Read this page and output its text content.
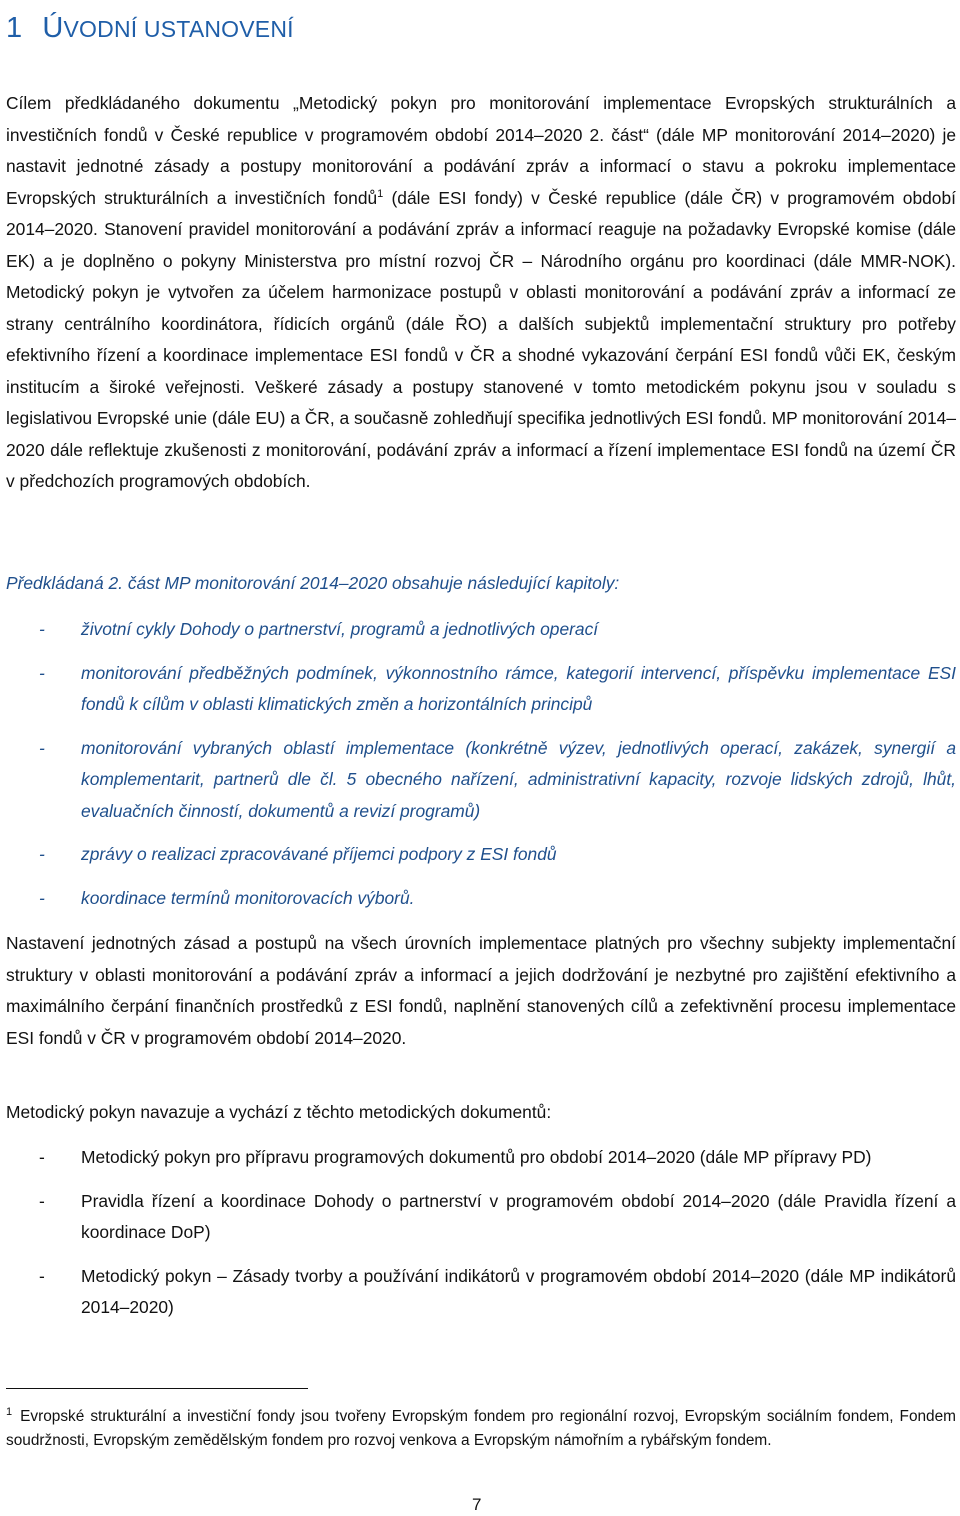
1 ÚVODNÍ USTANOVENÍ

Cílem předkládaného dokumentu „Metodický pokyn pro monitorování implementace Evropských strukturálních a investičních fondů v České republice v programovém období 2014–2020 2. část“ (dále MP monitorování 2014–2020) je nastavit jednotné zásady a postupy monitorování a podávání zpráv a informací o stavu a pokroku implementace Evropských strukturálních a investičních fondů$^1$ (dále ESI fondy) v České republice (dále ČR) v programovém období 2014–2020. Stanovení pravidel monitorování a podávání zpráv a informací reaguje na požadavky Evropské komise (dále EK) a je doplněno o pokyny Ministerstva pro místní rozvoj ČR – Národního orgánu pro koordinaci (dále MMR-NOK). Metodický pokyn je vytvořen za účelem harmonizace postupů v oblasti monitorování a podávání zpráv a informací ze strany centrálního koordinátora, řídicích orgánů (dále ŘO) a dalších subjektů implementační struktury pro potřeby efektivního řízení a koordinace implementace ESI fondů v ČR a shodné vykazování čerpání ESI fondů vůči EK, českým institucím a široké veřejnosti. Veškeré zásady a postupy stanovené v tomto metodickém pokynu jsou v souladu s legislativou Evropské unie (dále EU) a ČR, a současně zohledňují specifika jednotlivých ESI fondů. MP monitorování 2014–2020 dále reflektuje zkušenosti z monitorování, podávání zpráv a informací a řízení implementace ESI fondů na území ČR v předchozích programových obdobích.

Předkládaná 2. část MP monitorování 2014–2020 obsahuje následující kapitoly:

- životní cykly Dohody o partnerství, programů a jednotlivých operací
- monitorování předběžných podmínek, výkonnostního rámce, kategorií intervencí, příspěvku implementace ESI fondů k cílům v oblasti klimatických změn a horizontálních principů
- monitorování vybraných oblastí implementace (konkrétně výzev, jednotlivých operací, zakázek, synergií a komplementarit, partnerů dle čl. 5 obecného nařízení, administrativní kapacity, rozvoje lidských zdrojů, lhůt, evaluačních činností, dokumentů a revizí programů)
- zprávy o realizaci zpracovávané příjemci podpory z ESI fondů
- koordinace termínů monitorovacích výborů.

Nastavení jednotných zásad a postupů na všech úrovních implementace platných pro všechny subjekty implementační struktury v oblasti monitorování a podávání zpráv a informací a jejich dodržování je nezbytné pro zajištění efektivního a maximálního čerpání finančních prostředků z ESI fondů, naplnění stanovených cílů a zefektivnění procesu implementace ESI fondů v ČR v programovém období 2014–2020.

Metodický pokyn navazuje a vychází z těchto metodických dokumentů:

- Metodický pokyn pro přípravu programových dokumentů pro období 2014–2020 (dále MP přípravy PD)
- Pravidla řízení a koordinace Dohody o partnerství v programovém období 2014–2020 (dále Pravidla řízení a koordinace DoP)
- Metodický pokyn – Zásady tvorby a používání indikátorů v programovém období 2014–2020 (dále MP indikátorů 2014–2020)

$^1$ Evropské strukturální a investiční fondy jsou tvořeny Evropským fondem pro regionální rozvoj, Evropským sociálním fondem, Fondem soudržnosti, Evropským zemědělským fondem pro rozvoj venkova a Evropským námořním a rybářským fondem.

7
